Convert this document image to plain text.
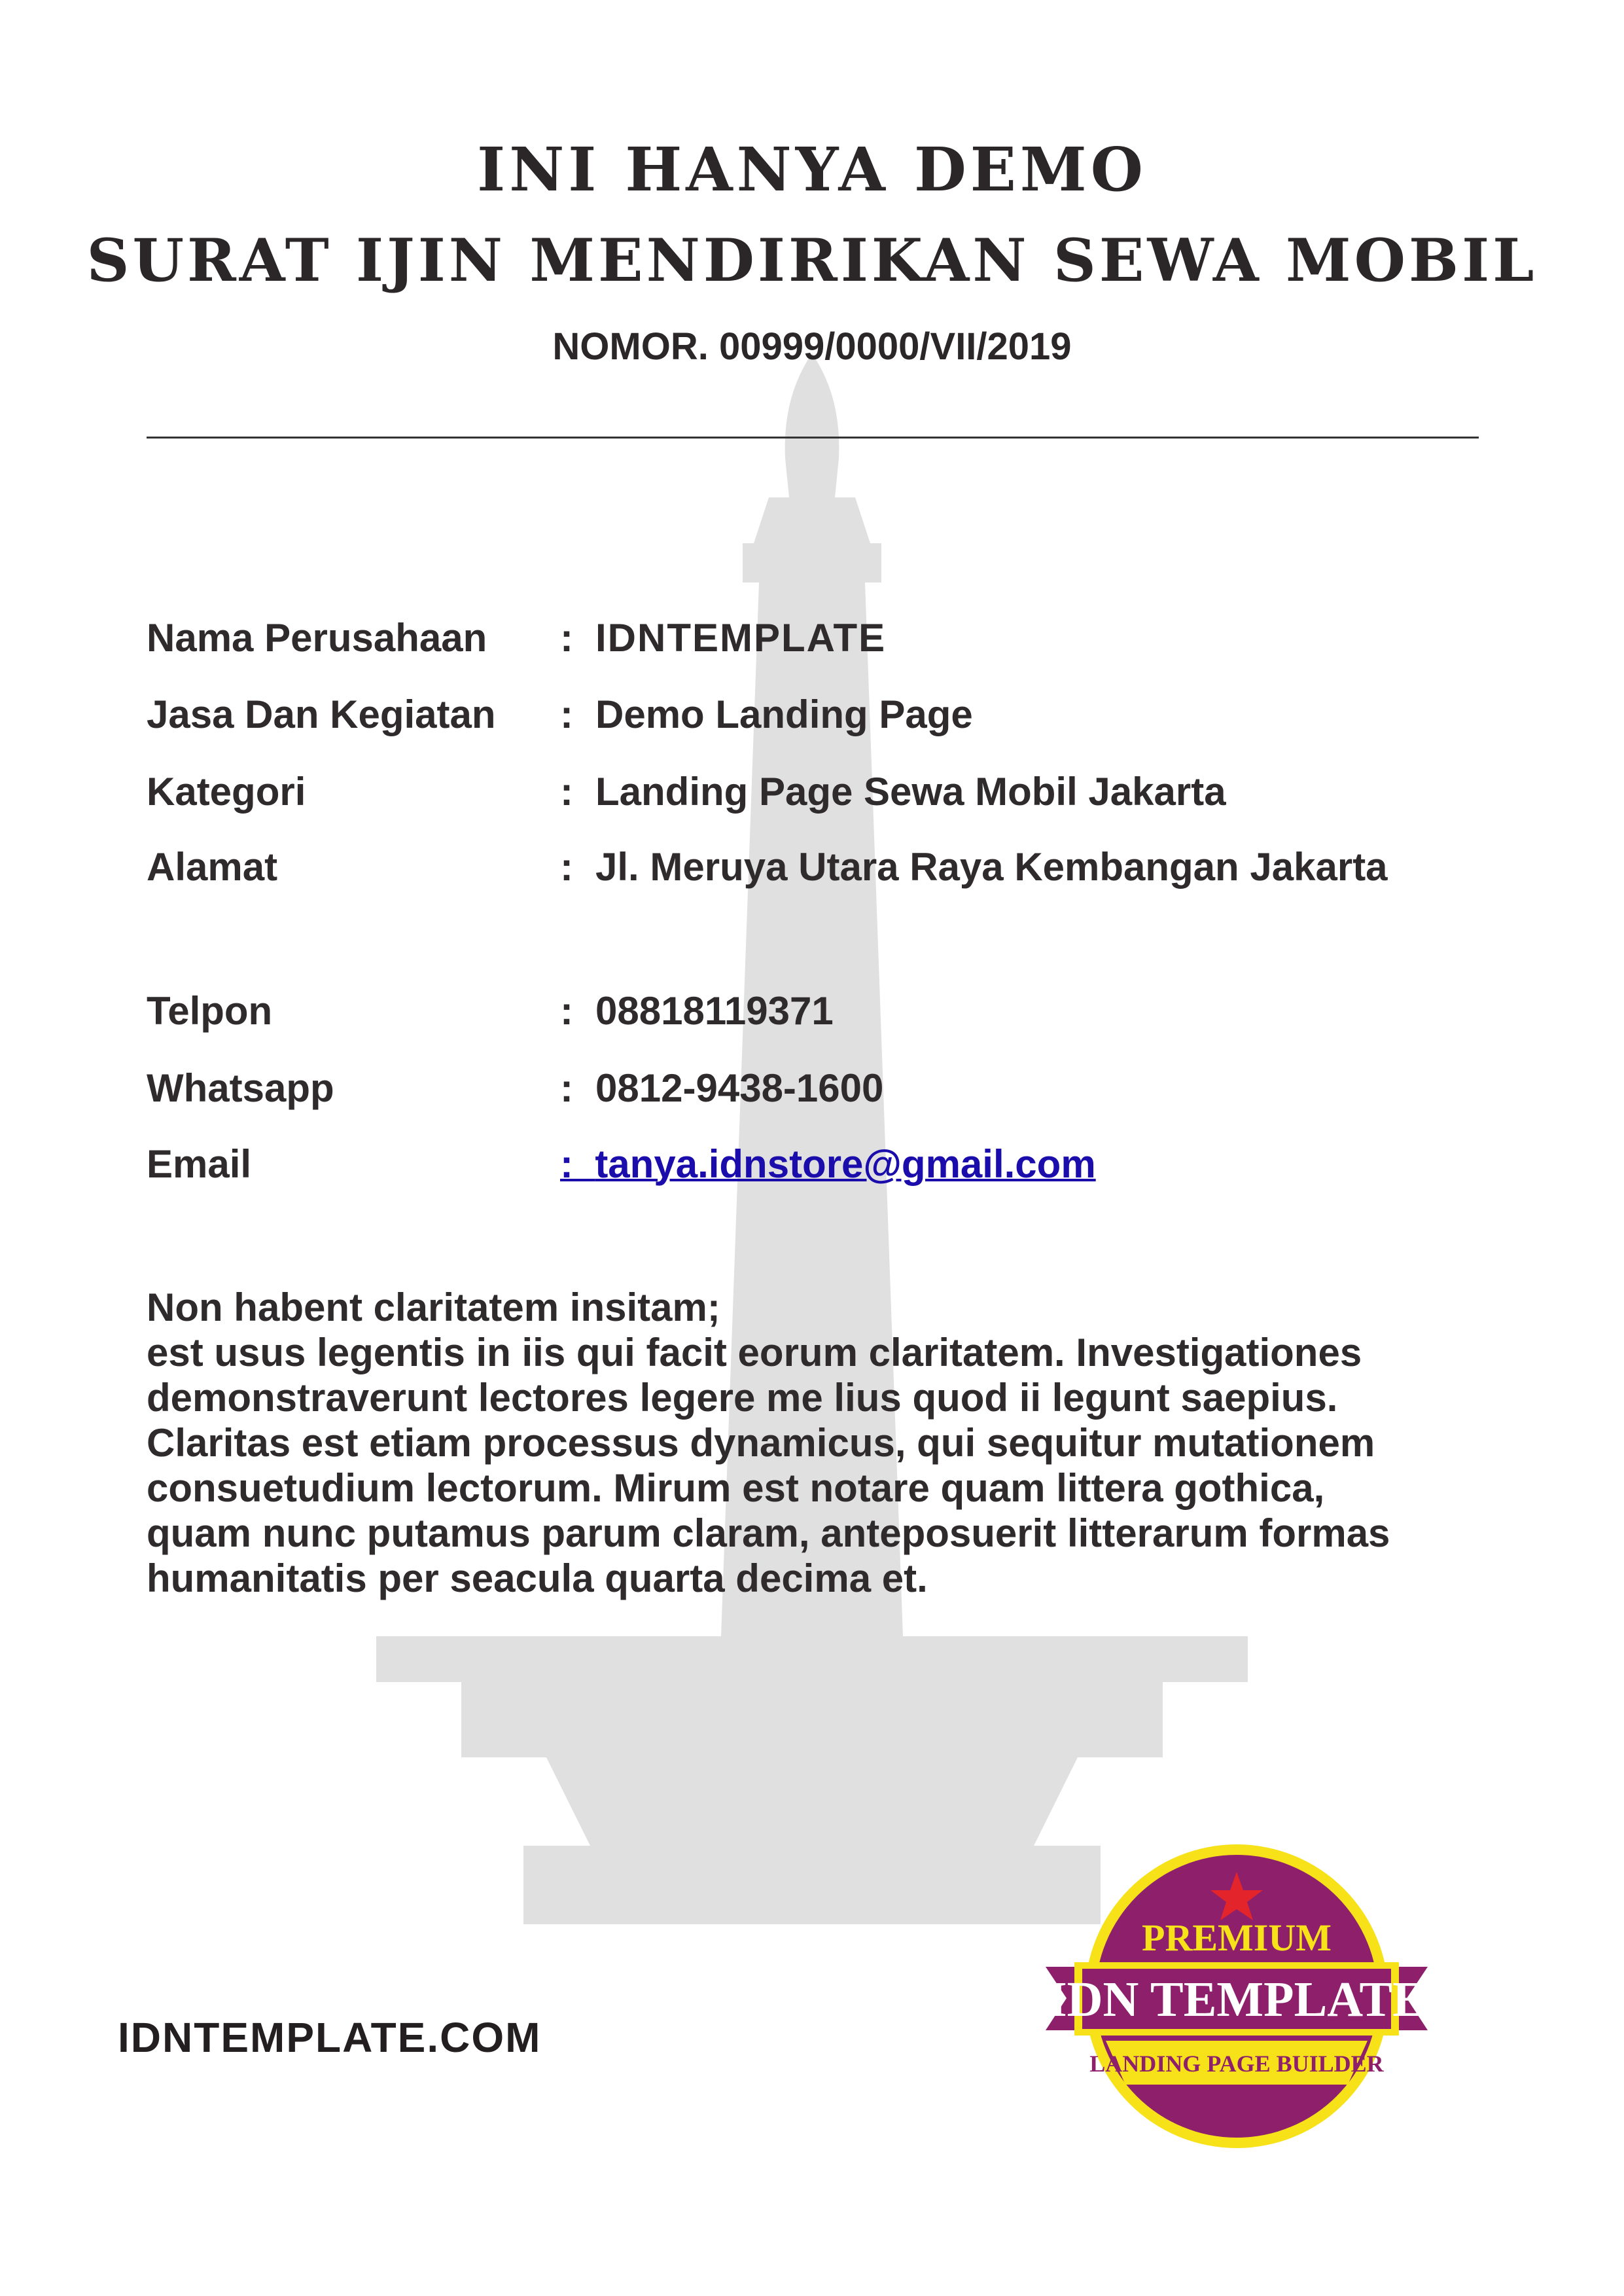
INI HANYA DEMO
SURAT IJIN MENDIRIKAN SEWA MOBIL
NOMOR. 00999/0000/VII/2019
Nama Perusahaan : IDNTEMPLATE
Jasa Dan Kegiatan : Demo Landing Page
Kategori	: Landing Page Sewa Mobil Jakarta
Alamat	: Jl. Meruya Utara Raya Kembangan Jakarta
Telpon	: 08818119371
Whatsapp	: 0812-9438-1600
Email	: tanya.idnstore@gmail.com

Non habent claritatem insitam;
est usus legentis in iis qui facit eorum claritatem. Investigationes
demonstraverunt lectores legere me lius quod ii legunt saepius.
Claritas est etiam processus dynamicus, qui sequitur mutationem
consuetudium lectorum. Mirum est notare quam littera gothica,
quam nunc putamus parum claram, anteposuerit litterarum formas
humanitatis per seacula quarta decima et.

IDNTEMPLATE.COM
PREMIUM
IDN TEMPLATE
LANDING PAGE BUILDER
